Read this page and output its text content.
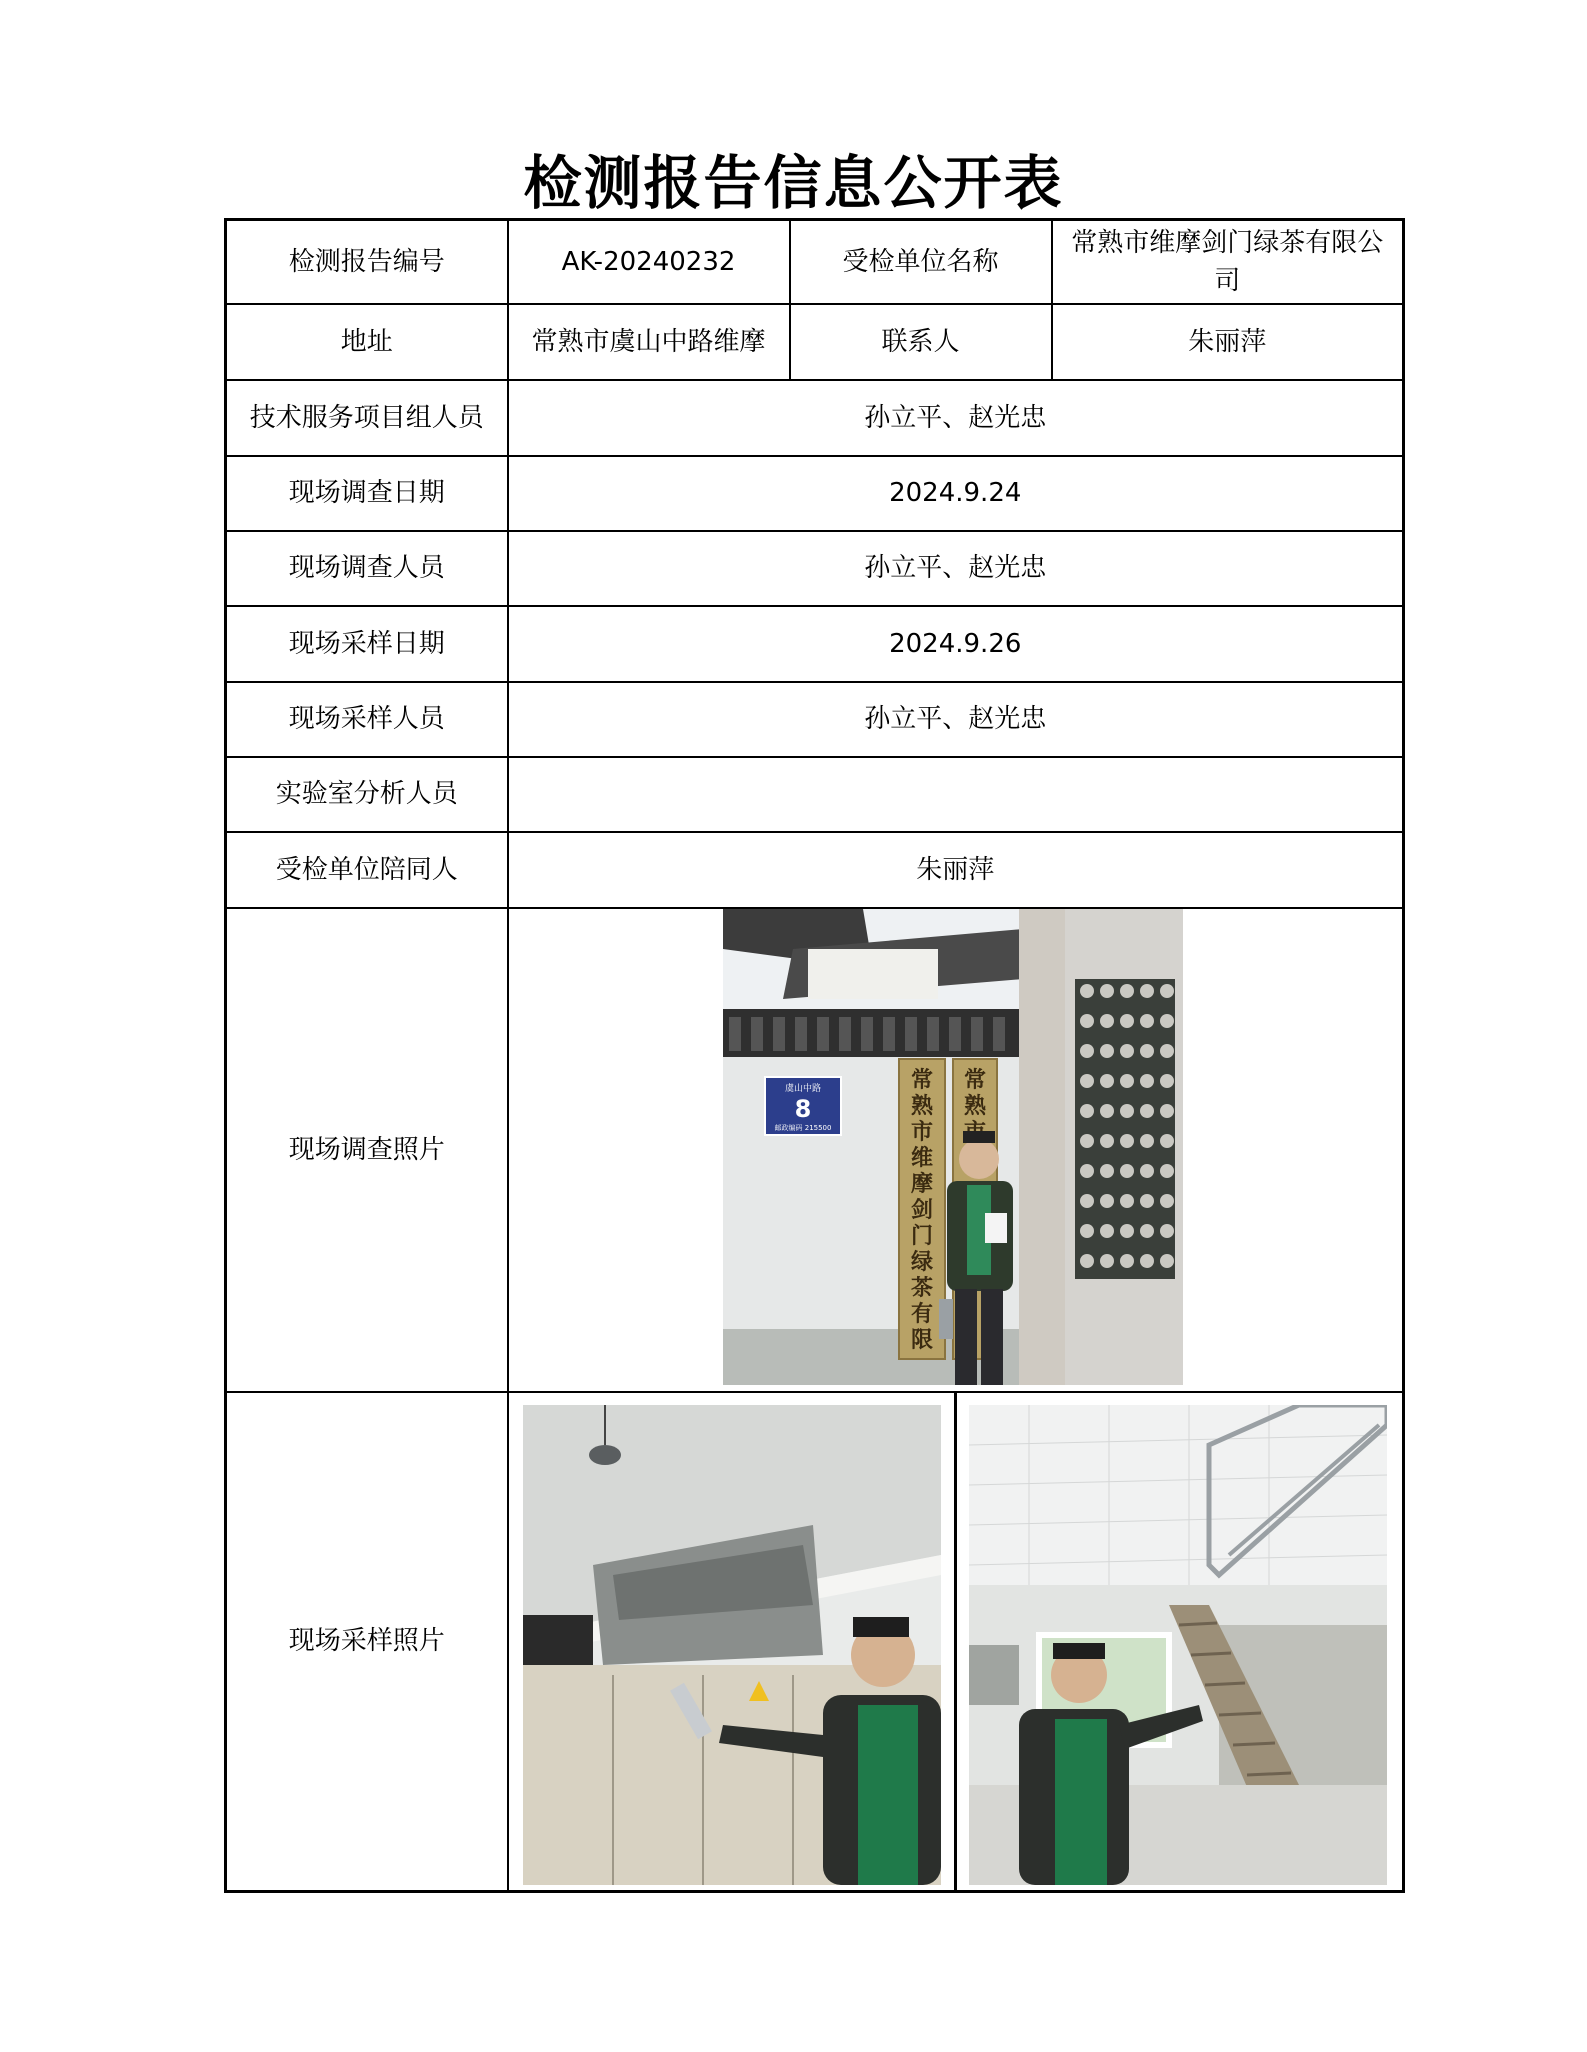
检测报告信息公开表
检测报告编号	AK-20240232	受检单位名称	常熟市维摩剑门绿茶有限公司
地址	常熟市虞山中路维摩	联系人	朱丽萍
技术服务项目组人员	孙立平、赵光忠		
现场调查日期	2024.9.24		
现场调查人员	孙立平、赵光忠		
现场采样日期	2024.9.26		
现场采样人员	孙立平、赵光忠		
实验室分析人员			
受检单位陪同人	朱丽萍		
现场调查照片	虞山中路
8
邮政编码 215500
常熟市 维摩剑 门绿茶 有限
常熟		

现场采样照片	
